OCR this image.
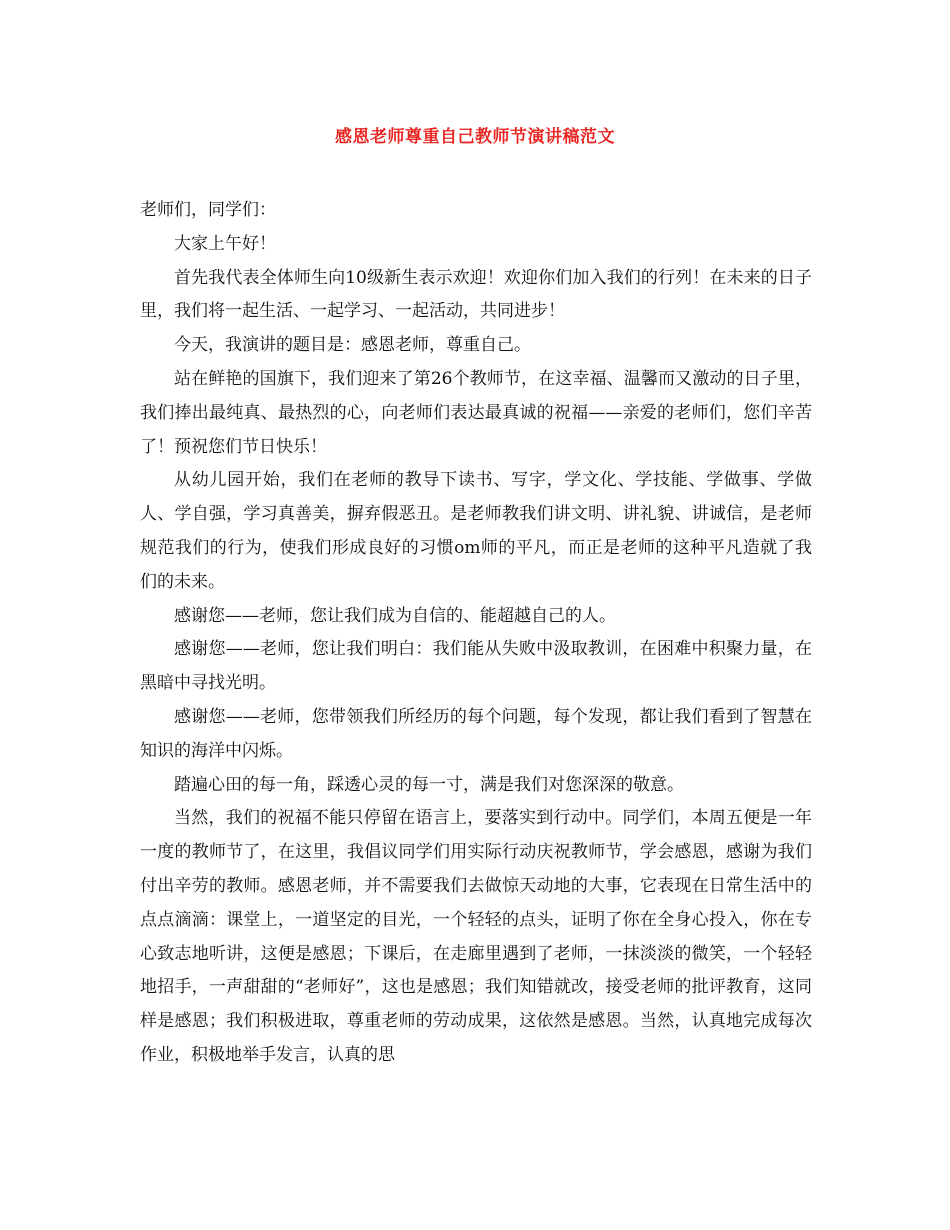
感恩老师尊重自己教师节演讲稿范文

老师们，同学们：

大家上午好！

首先我代表全体师生向10级新生表示欢迎！欢迎你们加入我们的行列！在未来的日子里，我们将一起生活、一起学习、一起活动，共同进步！

今天，我演讲的题目是：感恩老师，尊重自己。

站在鲜艳的国旗下，我们迎来了第26个教师节，在这幸福、温馨而又激动的日子里，我们捧出最纯真、最热烈的心，向老师们表达最真诚的祝福——亲爱的老师们，您们辛苦了！预祝您们节日快乐！

从幼儿园开始，我们在老师的教导下读书、写字，学文化、学技能、学做事、学做人、学自强，学习真善美，摒弃假恶丑。是老师教我们讲文明、讲礼貌、讲诚信，是老师规范我们的行为，使我们形成良好的习惯om师的平凡，而正是老师的这种平凡造就了我们的未来。

感谢您——老师，您让我们成为自信的、能超越自己的人。

感谢您——老师，您让我们明白：我们能从失败中汲取教训，在困难中积聚力量，在黑暗中寻找光明。

感谢您——老师，您带领我们所经历的每个问题，每个发现，都让我们看到了智慧在知识的海洋中闪烁。

踏遍心田的每一角，踩透心灵的每一寸，满是我们对您深深的敬意。

当然，我们的祝福不能只停留在语言上，要落实到行动中。同学们，本周五便是一年一度的教师节了，在这里，我倡议同学们用实际行动庆祝教师节，学会感恩，感谢为我们付出辛劳的教师。感恩老师，并不需要我们去做惊天动地的大事，它表现在日常生活中的点点滴滴：课堂上，一道坚定的目光，一个轻轻的点头，证明了你在全身心投入，你在专心致志地听讲，这便是感恩；下课后，在走廊里遇到了老师，一抹淡淡的微笑，一个轻轻地招手，一声甜甜的“老师好”，这也是感恩；我们知错就改，接受老师的批评教育，这同样是感恩；我们积极进取，尊重老师的劳动成果，这依然是感恩。当然，认真地完成每次作业，积极地举手发言，认真的思
